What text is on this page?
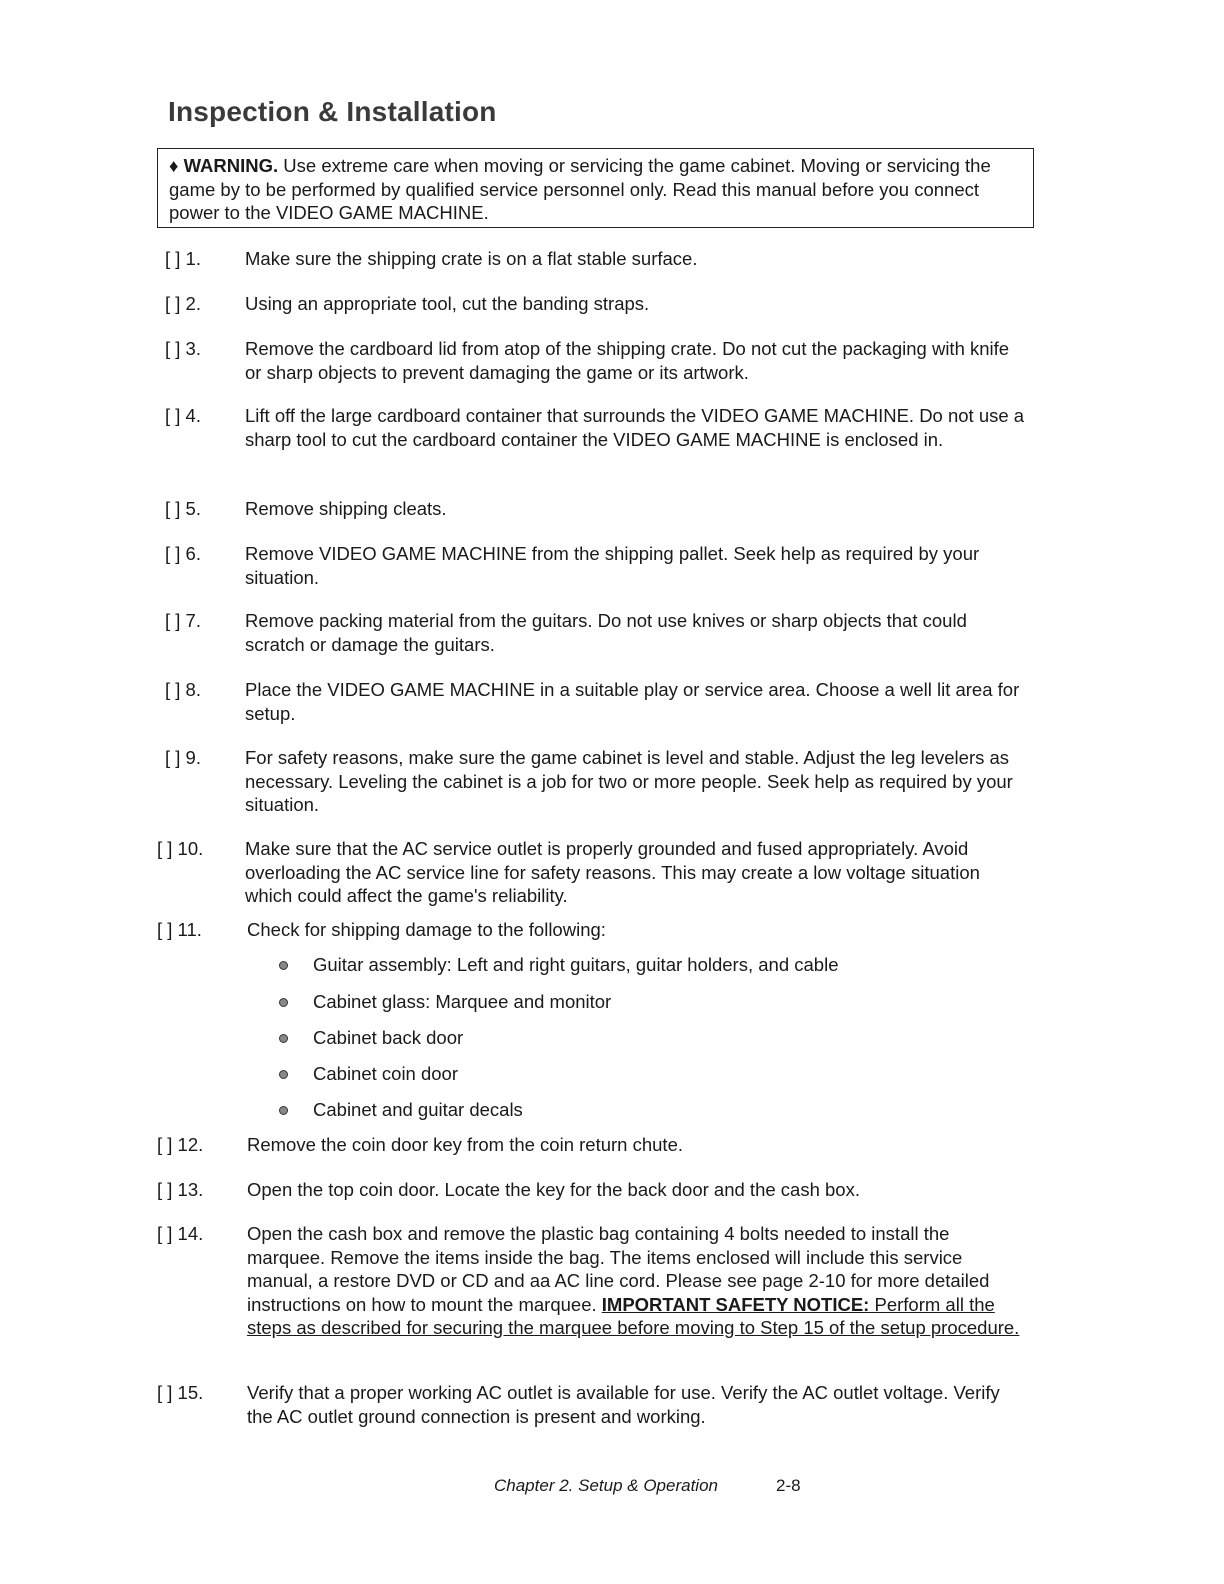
Inspection & Installation
♦ WARNING. Use extreme care when moving or servicing the game cabinet. Moving or servicing the game by to be performed by qualified service personnel only. Read this manual before you connect power to the VIDEO GAME MACHINE.
[ ] 1. Make sure the shipping crate is on a flat stable surface.
[ ] 2. Using an appropriate tool, cut the banding straps.
[ ] 3. Remove the cardboard lid from atop of the shipping crate. Do not cut the packaging with knife or sharp objects to prevent damaging the game or its artwork.
[ ] 4. Lift off the large cardboard container that surrounds the VIDEO GAME MACHINE. Do not use a sharp tool to cut the cardboard container the VIDEO GAME MACHINE is enclosed in.
[ ] 5. Remove shipping cleats.
[ ] 6. Remove VIDEO GAME MACHINE from the shipping pallet. Seek help as required by your situation.
[ ] 7. Remove packing material from the guitars. Do not use knives or sharp objects that could scratch or damage the guitars.
[ ] 8. Place the VIDEO GAME MACHINE in a suitable play or service area. Choose a well lit area for setup.
[ ] 9. For safety reasons, make sure the game cabinet is level and stable. Adjust the leg levelers as necessary. Leveling the cabinet is a job for two or more people. Seek help as required by your situation.
[ ] 10. Make sure that the AC service outlet is properly grounded and fused appropriately. Avoid overloading the AC service line for safety reasons. This may create a low voltage situation which could affect the game's reliability.
[ ] 11. Check for shipping damage to the following:
Guitar assembly: Left and right guitars, guitar holders, and cable
Cabinet glass: Marquee and monitor
Cabinet back door
Cabinet coin door
Cabinet and guitar decals
[ ] 12. Remove the coin door key from the coin return chute.
[ ] 13. Open the top coin door. Locate the key for the back door and the cash box.
[ ] 14. Open the cash box and remove the plastic bag containing 4 bolts needed to install the marquee. Remove the items inside the bag. The items enclosed will include this service manual, a restore DVD or CD and aa AC line cord. Please see page 2-10 for more detailed instructions on how to mount the marquee. IMPORTANT SAFETY NOTICE: Perform all the steps as described for securing the marquee before moving to Step 15 of the setup procedure.
[ ] 15. Verify that a proper working AC outlet is available for use. Verify the AC outlet voltage. Verify the AC outlet ground connection is present and working.
Chapter 2. Setup & Operation	2-8
